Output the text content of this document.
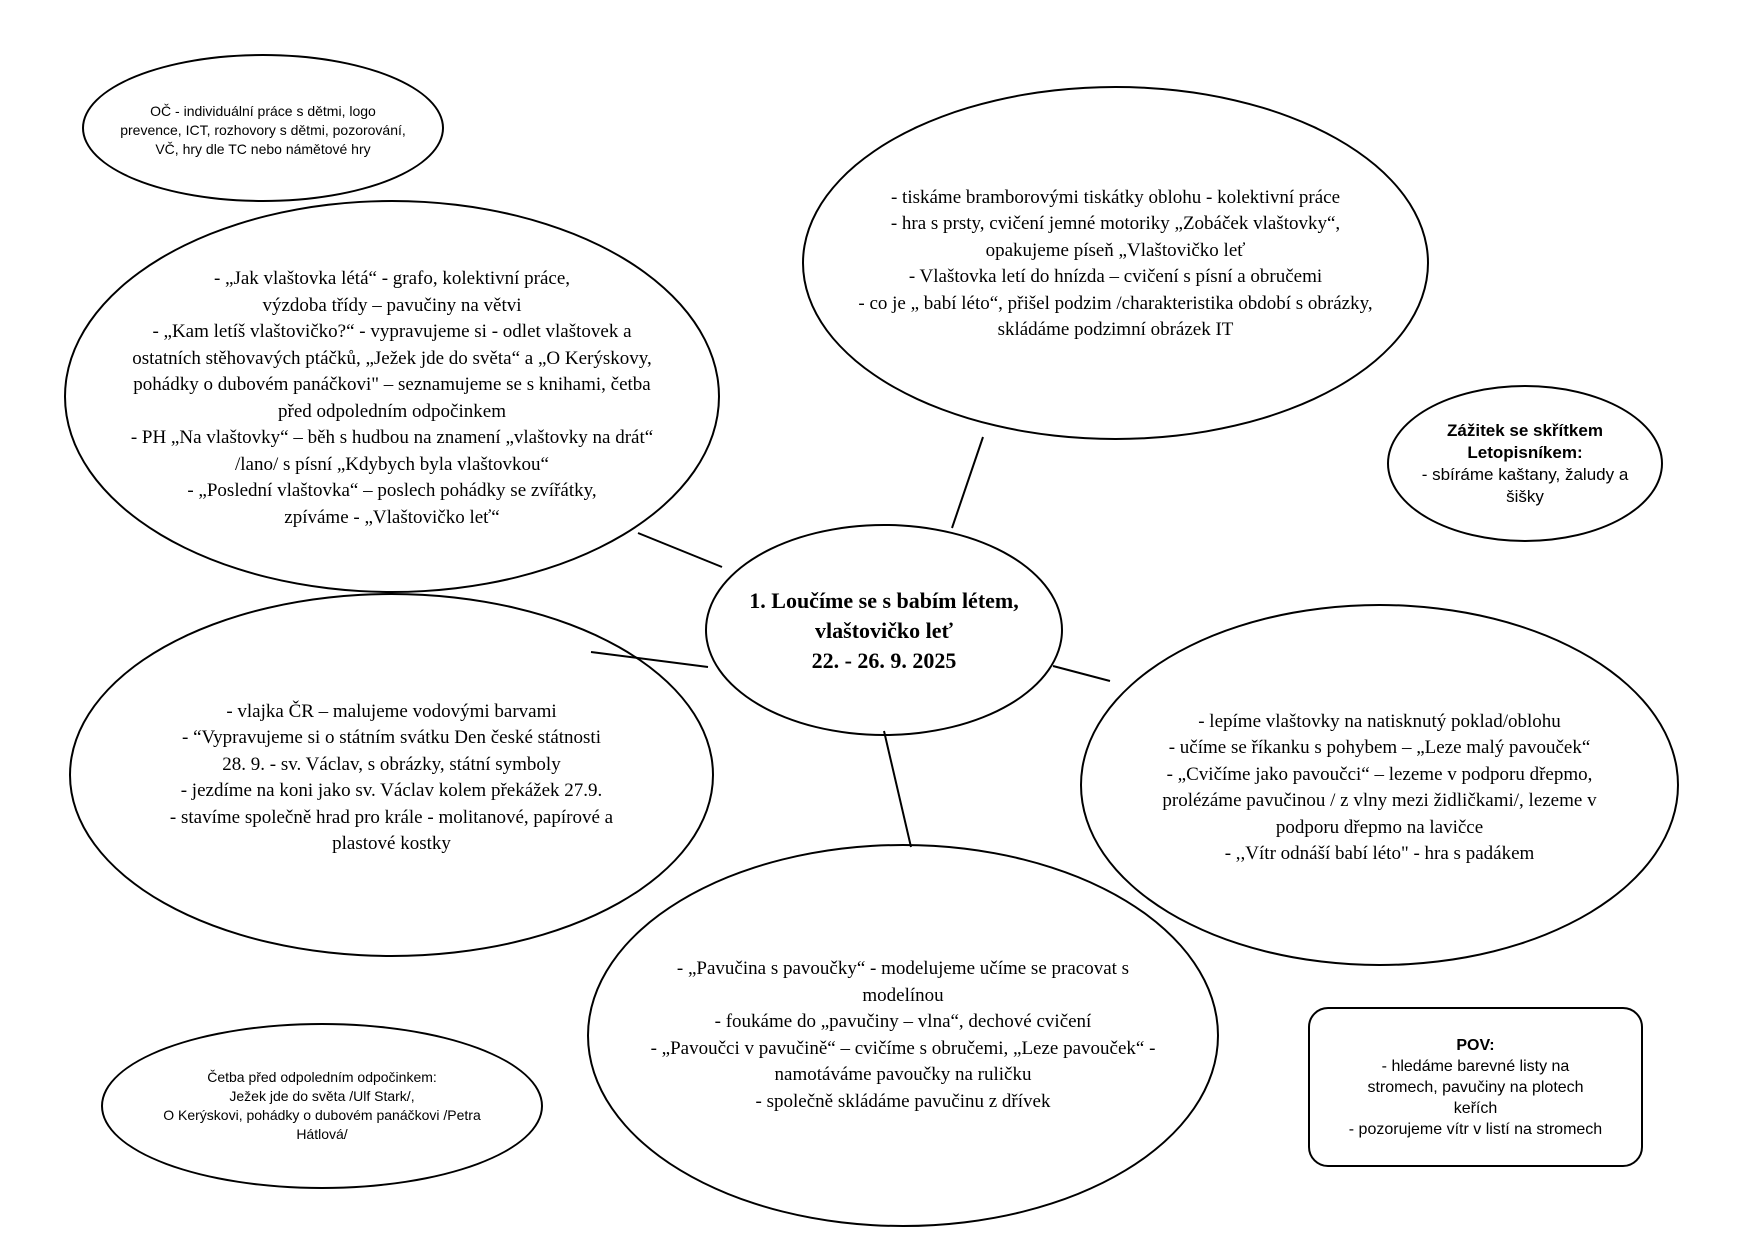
OČ - individuální práce s dětmi, logo
prevence, ICT, rozhovory s dětmi, pozorování,
VČ, hry dle TC nebo námětové hry
- „Jak vlaštovka létá“ - grafo, kolektivní práce,
výzdoba třídy – pavučiny na větvi
- „Kam letíš vlaštovičko?“ - vypravujeme si - odlet vlaštovek a
ostatních stěhovavých ptáčků, „Ježek jde do světa“ a „O Kerýskovy,
pohádky o dubovém panáčkovi" – seznamujeme se s knihami, četba
před odpoledním odpočinkem
- PH „Na vlaštovky“ – běh s hudbou na znamení „vlaštovky na drát“
/lano/ s písní „Kdybych byla vlaštovkou“
- „Poslední vlaštovka“ – poslech pohádky se zvířátky,
zpíváme - „Vlaštovičko leť“
- tiskáme bramborovými tiskátky oblohu - kolektivní práce
- hra s prsty, cvičení jemné motoriky „Zobáček vlaštovky“,
opakujeme píseň „Vlaštovičko leť
- Vlaštovka letí do hnízda – cvičení s písní a obručemi
- co je „ babí léto“, přišel podzim /charakteristika období s obrázky,
skládáme podzimní obrázek IT
Zážitek se skřítkem
Letopisníkem:
- sbíráme kaštany, žaludy a
šišky
1. Loučíme se s babím létem,
vlaštovičko leť
22. - 26. 9. 2025
- vlajka ČR – malujeme vodovými barvami
- “Vypravujeme si o státním svátku Den české státnosti
28. 9. - sv. Václav, s obrázky, státní symboly
- jezdíme na koni jako sv. Václav kolem překážek 27.9.
- stavíme společně hrad pro krále - molitanové, papírové a
plastové kostky
- lepíme vlaštovky na natisknutý poklad/oblohu
- učíme se říkanku s pohybem – „Leze malý pavouček“
- „Cvičíme jako pavoučci“ – lezeme v podporu dřepmo,
prolézáme pavučinou / z vlny mezi židličkami/, lezeme v
podporu dřepmo na lavičce
- ,,Vítr odnáší babí léto" - hra s padákem
- „Pavučina s pavoučky“ - modelujeme učíme se pracovat s
modelínou
- foukáme do „pavučiny – vlna“, dechové cvičení
- „Pavoučci v pavučině“ – cvičíme s obručemi, „Leze pavouček“ -
namotáváme pavoučky na ruličku
- společně skládáme pavučinu z dřívek
Četba před odpoledním odpočinkem:
Ježek jde do světa /Ulf Stark/,
O Kerýskovi, pohádky o dubovém panáčkovi /Petra
Hátlová/
POV:
- hledáme barevné listy na
stromech, pavučiny na plotech
keřích
- pozorujeme vítr v listí na stromech
